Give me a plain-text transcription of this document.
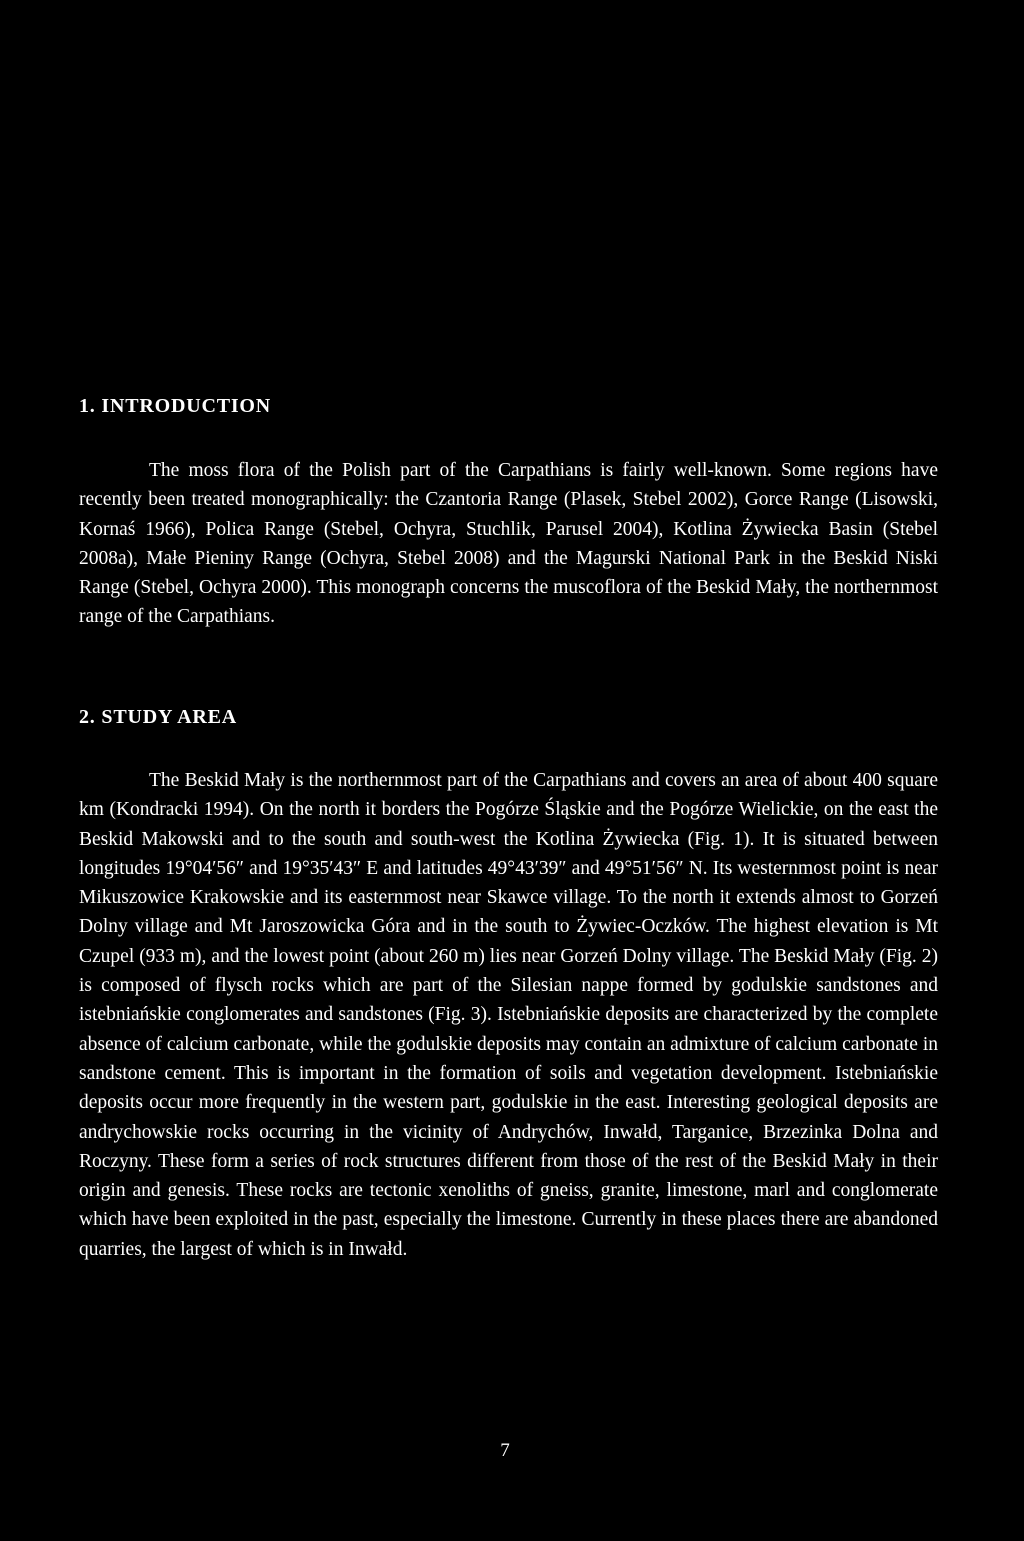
1. INTRODUCTION

The moss flora of the Polish part of the Carpathians is fairly well-known. Some regions have recently been treated monographically: the Czantoria Range (Plasek, Stebel 2002), Gorce Range (Lisowski, Kornaś 1966), Polica Range (Stebel, Ochyra, Stuchlik, Parusel 2004), Kotlina Żywiecka Basin (Stebel 2008a), Małe Pieniny Range (Ochyra, Stebel 2008) and the Magurski National Park in the Beskid Niski Range (Stebel, Ochyra 2000). This monograph concerns the muscoflora of the Beskid Mały, the northernmost range of the Carpathians.

2. STUDY AREA

The Beskid Mały is the northernmost part of the Carpathians and covers an area of about 400 square km (Kondracki 1994). On the north it borders the Pogórze Śląskie and the Pogórze Wielickie, on the east the Beskid Makowski and to the south and south-west the Kotlina Żywiecka (Fig. 1). It is situated between longitudes 19°04′56″ and 19°35′43″ E and latitudes 49°43′39″ and 49°51′56″ N. Its westernmost point is near Mikuszowice Krakowskie and its easternmost near Skawce village. To the north it extends almost to Gorzeń Dolny village and Mt Jaroszowicka Góra and in the south to Żywiec-Oczków. The highest elevation is Mt Czupel (933 m), and the lowest point (about 260 m) lies near Gorzeń Dolny village. The Beskid Mały (Fig. 2) is composed of flysch rocks which are part of the Silesian nappe formed by godulskie sandstones and istebniańskie conglomerates and sandstones (Fig. 3). Istebniańskie deposits are characterized by the complete absence of calcium carbonate, while the godulskie deposits may contain an admixture of calcium carbonate in sandstone cement. This is important in the formation of soils and vegetation development. Istebniańskie deposits occur more frequently in the western part, godulskie in the east. Interesting geological deposits are andrychowskie rocks occurring in the vicinity of Andrychów, Inwałd, Targanice, Brzezinka Dolna and Roczyny. These form a series of rock structures different from those of the rest of the Beskid Mały in their origin and genesis. These rocks are tectonic xenoliths of gneiss, granite, limestone, marl and conglomerate which have been exploited in the past, especially the limestone. Currently in these places there are abandoned quarries, the largest of which is in Inwałd.

7
